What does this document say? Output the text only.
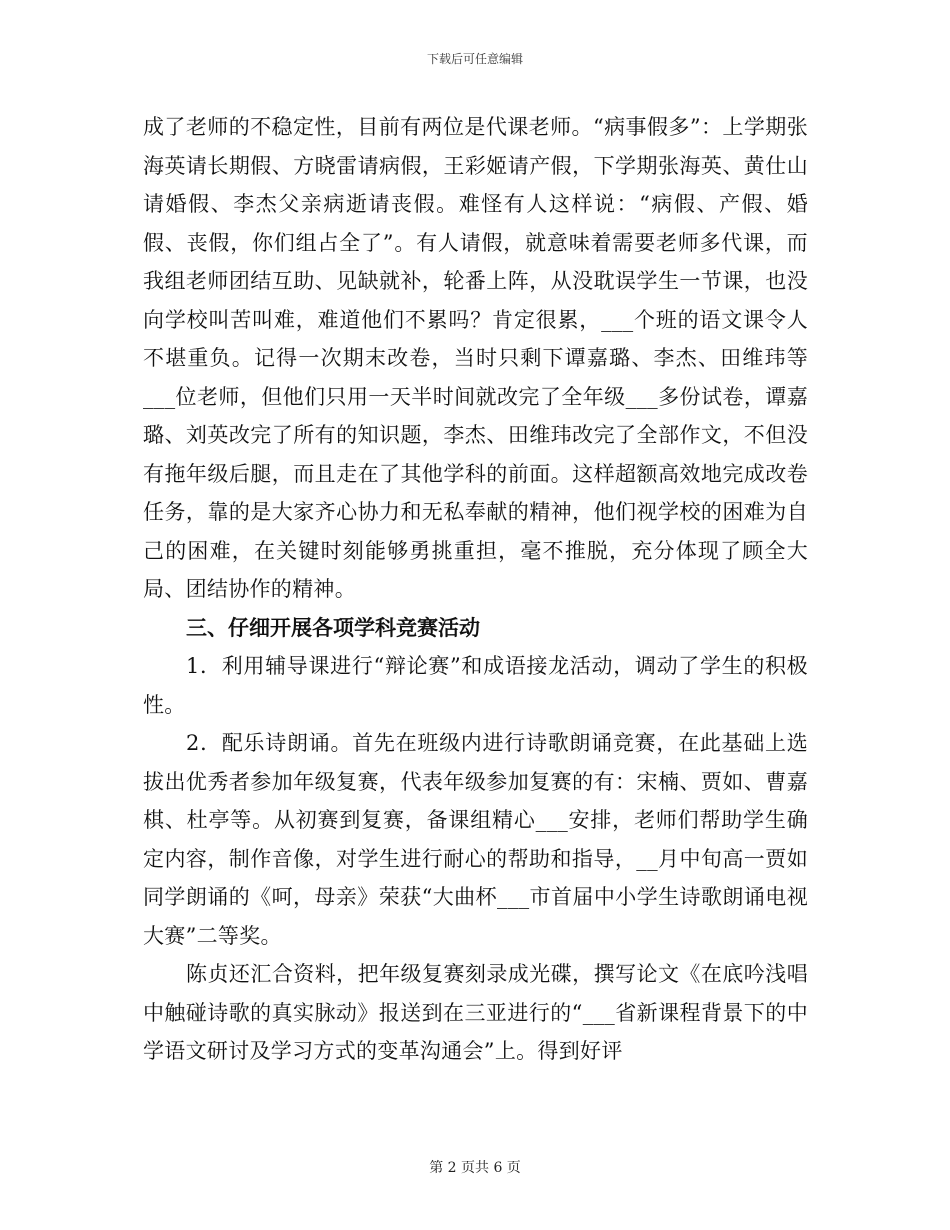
下载后可任意编辑

成了老师的不稳定性，目前有两位是代课老师。“病事假多”：上学期张海英请长期假、方晓雷请病假，王彩姬请产假，下学期张海英、黄仕山请婚假、李杰父亲病逝请丧假。难怪有人这样说：“病假、产假、婚假、丧假，你们组占全了”。有人请假，就意味着需要老师多代课，而我组老师团结互助、见缺就补，轮番上阵，从没耽误学生一节课，也没向学校叫苦叫难，难道他们不累吗？肯定很累，___个班的语文课令人不堪重负。记得一次期末改卷，当时只剩下谭嘉璐、李杰、田维玮等___位老师，但他们只用一天半时间就改完了全年级___多份试卷，谭嘉璐、刘英改完了所有的知识题，李杰、田维玮改完了全部作文，不但没有拖年级后腿，而且走在了其他学科的前面。这样超额高效地完成改卷任务，靠的是大家齐心协力和无私奉献的精神，他们视学校的困难为自己的困难，在关键时刻能够勇挑重担，毫不推脱，充分体现了顾全大局、团结协作的精神。

三、仔细开展各项学科竞赛活动

1．利用辅导课进行“辩论赛”和成语接龙活动，调动了学生的积极性。

2．配乐诗朗诵。首先在班级内进行诗歌朗诵竞赛，在此基础上选拔出优秀者参加年级复赛，代表年级参加复赛的有：宋楠、贾如、曹嘉棋、杜亭等。从初赛到复赛，备课组精心___安排，老师们帮助学生确定内容，制作音像，对学生进行耐心的帮助和指导，__月中旬高一贾如同学朗诵的《呵，母亲》荣获“大曲杯___市首届中小学生诗歌朗诵电视大赛”二等奖。

陈贞还汇合资料，把年级复赛刻录成光碟，撰写论文《在底吟浅唱中触碰诗歌的真实脉动》报送到在三亚进行的“___省新课程背景下的中学语文研讨及学习方式的变革沟通会”上。得到好评

第 2 页共 6 页
